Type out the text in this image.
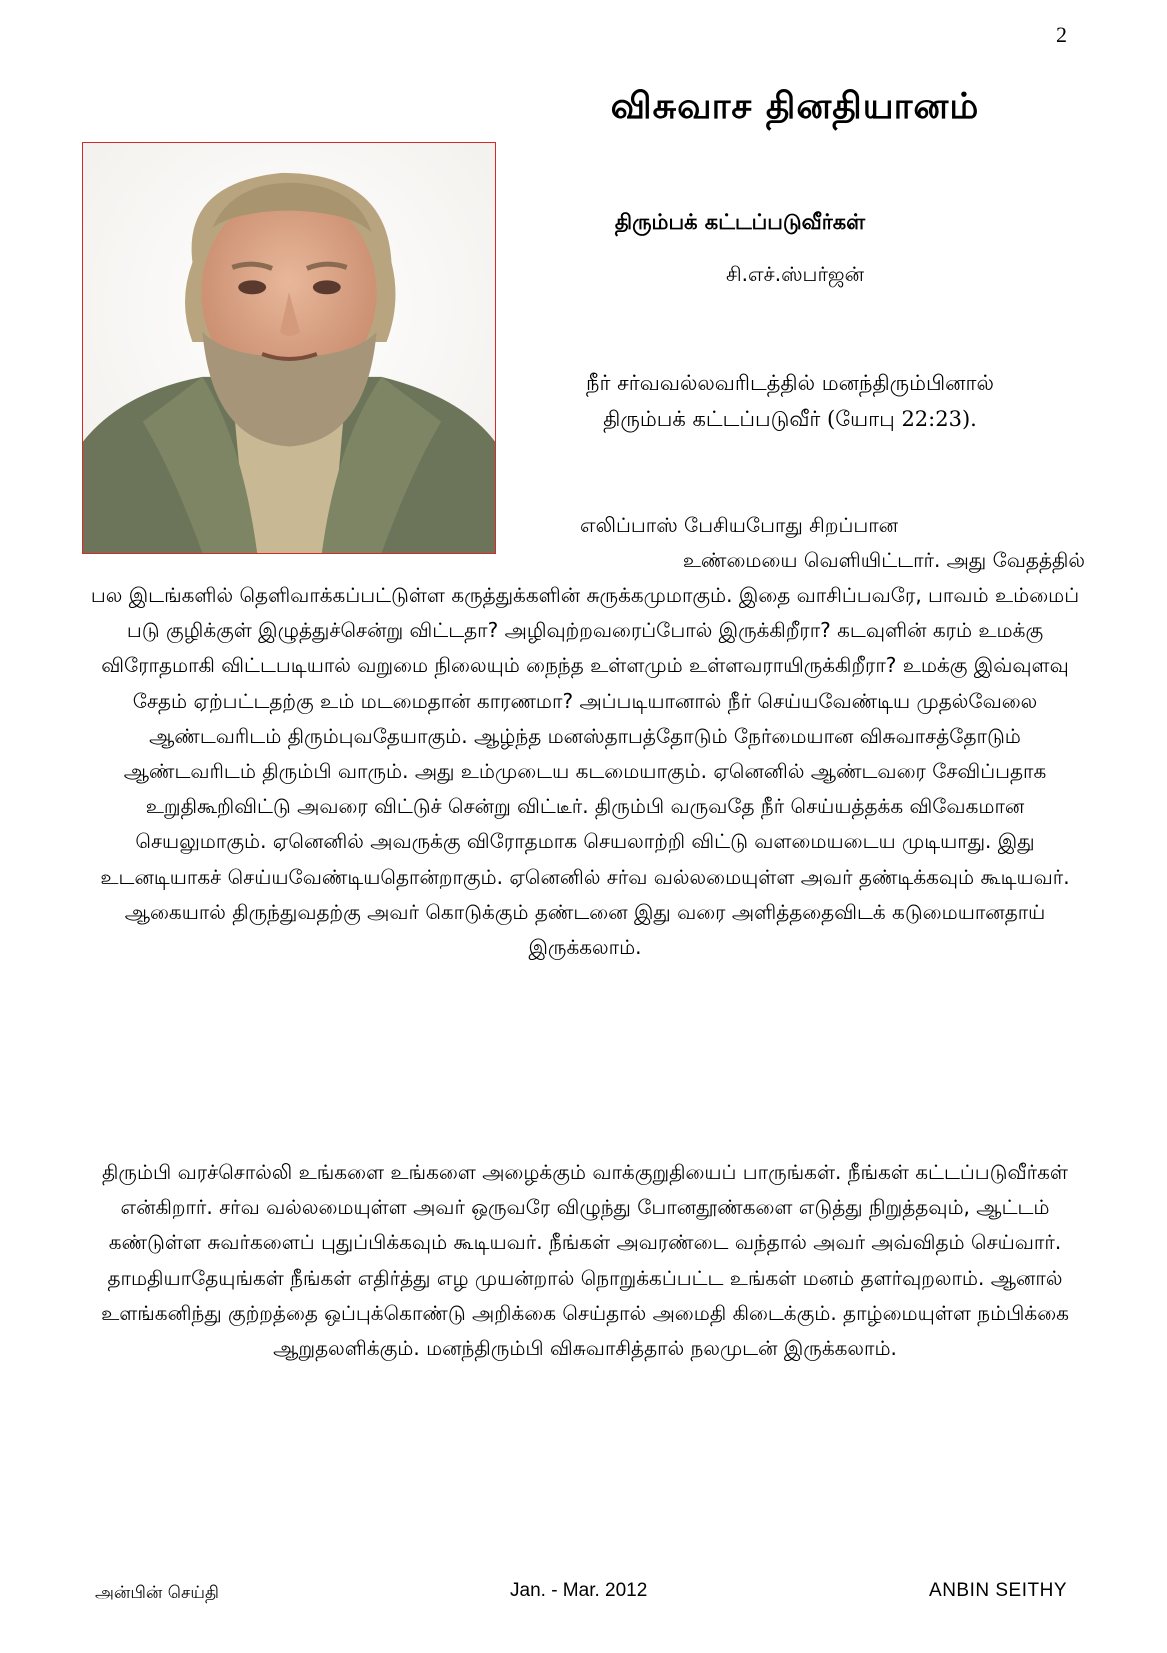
2
விசுவாச தினதியானம்
திரும்பக் கட்டப்படுவீர்கள்
சி.எச்.ஸ்பர்ஜன்
நீர் சர்வவல்லவரிடத்தில் மனந்திரும்பினால்
திரும்பக் கட்டப்படுவீர் (யோபு 22:23).
எலிப்பாஸ் பேசியபோது சிறப்பான
உண்மையை வெளியிட்டார். அது வேதத்தில்
பல இடங்களில் தெளிவாக்கப்பட்டுள்ள கருத்துக்களின் சுருக்கமுமாகும். இதை வாசிப்பவரே, பாவம் உம்மைப் படு குழிக்குள் இழுத்துச்சென்று விட்டதா? அழிவுற்றவரைப்போல் இருக்கிறீரா? கடவுளின் கரம் உமக்கு விரோதமாகி விட்டபடியால் வறுமை நிலையும் நைந்த உள்ளமும் உள்ளவராயிருக்கிறீரா? உமக்கு இவ்வுளவு சேதம் ஏற்பட்டதற்கு உம் மடமைதான் காரணமா? அப்படியானால் நீர் செய்யவேண்டிய முதல்வேலை ஆண்டவரிடம் திரும்புவதேயாகும். ஆழ்ந்த மனஸ்தாபத்தோடும் நேர்மையான விசுவாசத்தோடும் ஆண்டவரிடம் திரும்பி வாரும். அது உம்முடைய கடமையாகும். ஏனெனில் ஆண்டவரை சேவிப்பதாக உறுதிகூறிவிட்டு அவரை விட்டுச் சென்று விட்டீர். திரும்பி வருவதே நீர் செய்யத்தக்க விவேகமான செயலுமாகும். ஏனெனில் அவருக்கு விரோதமாக செயலாற்றி விட்டு வளமையடைய முடியாது. இது உடனடியாகச் செய்யவேண்டியதொன்றாகும். ஏனெனில் சர்வ வல்லமையுள்ள அவர் தண்டிக்கவும் கூடியவர். ஆகையால் திருந்துவதற்கு அவர் கொடுக்கும் தண்டனை இது வரை அளித்ததைவிடக் கடுமையானதாய் இருக்கலாம்.
திரும்பி வரச்சொல்லி உங்களை உங்களை அழைக்கும் வாக்குறுதியைப் பாருங்கள். நீங்கள் கட்டப்படுவீர்கள் என்கிறார். சர்வ வல்லமையுள்ள அவர் ஒருவரே விழுந்து போனதூண்களை எடுத்து நிறுத்தவும், ஆட்டம் கண்டுள்ள சுவர்களைப் புதுப்பிக்கவும் கூடியவர். நீங்கள் அவரண்டை வந்தால் அவர் அவ்விதம் செய்வார். தாமதியாதேயுங்கள் நீங்கள் எதிர்த்து எழ முயன்றால் நொறுக்கப்பட்ட உங்கள் மனம் தளர்வுறலாம். ஆனால் உளங்கனிந்து குற்றத்தை ஒப்புக்கொண்டு அறிக்கை செய்தால் அமைதி கிடைக்கும். தாழ்மையுள்ள நம்பிக்கை ஆறுதலளிக்கும். மனந்திரும்பி விசுவாசித்தால் நலமுடன் இருக்கலாம்.
அன்பின் செய்தி	Jan. - Mar. 2012	ANBIN SEITHY
